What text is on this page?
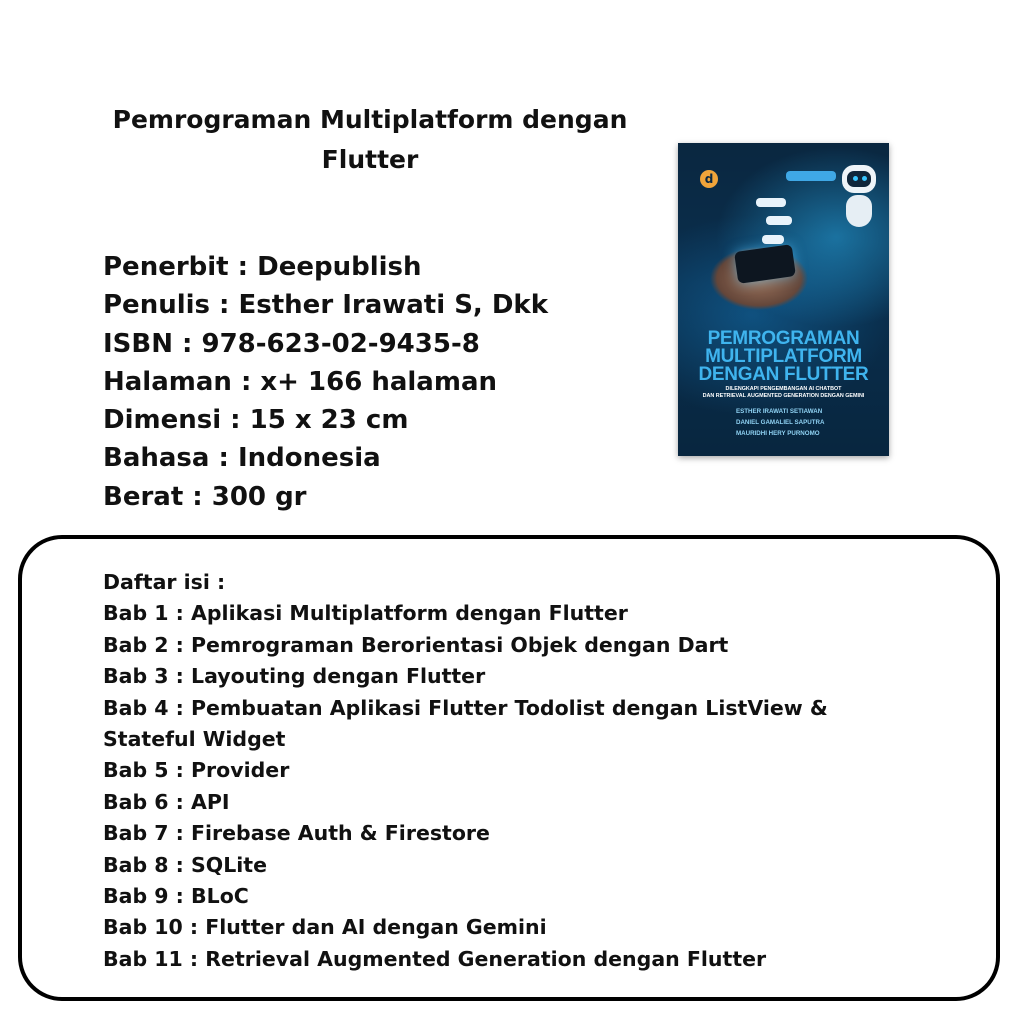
Pemrograman Multiplatform dengan Flutter
Penerbit : Deepublish
Penulis : Esther Irawati S, Dkk
ISBN : 978-623-02-9435-8
Halaman : x+ 166 halaman
Dimensi : 15 x 23 cm
Bahasa : Indonesia
Berat : 300 gr
d
PEMROGRAMAN
MULTIPLATFORM
DENGAN FLUTTER
DILENGKAPI PENGEMBANGAN AI CHATBOT
DAN RETRIEVAL AUGMENTED GENERATION DENGAN GEMINI
ESTHER IRAWATI SETIAWAN
DANIEL GAMALIEL SAPUTRA
MAURIDHI HERY PURNOMO
Daftar isi :
Bab 1 : Aplikasi Multiplatform dengan Flutter
Bab 2 : Pemrograman Berorientasi Objek dengan Dart
Bab 3 : Layouting dengan Flutter
Bab 4 : Pembuatan Aplikasi Flutter Todolist dengan ListView & Stateful Widget
Bab 5 : Provider
Bab 6 : API
Bab 7 : Firebase Auth & Firestore
Bab 8 : SQLite
Bab 9 : BLoC
Bab 10 : Flutter dan AI dengan Gemini
Bab 11 : Retrieval Augmented Generation dengan Flutter
